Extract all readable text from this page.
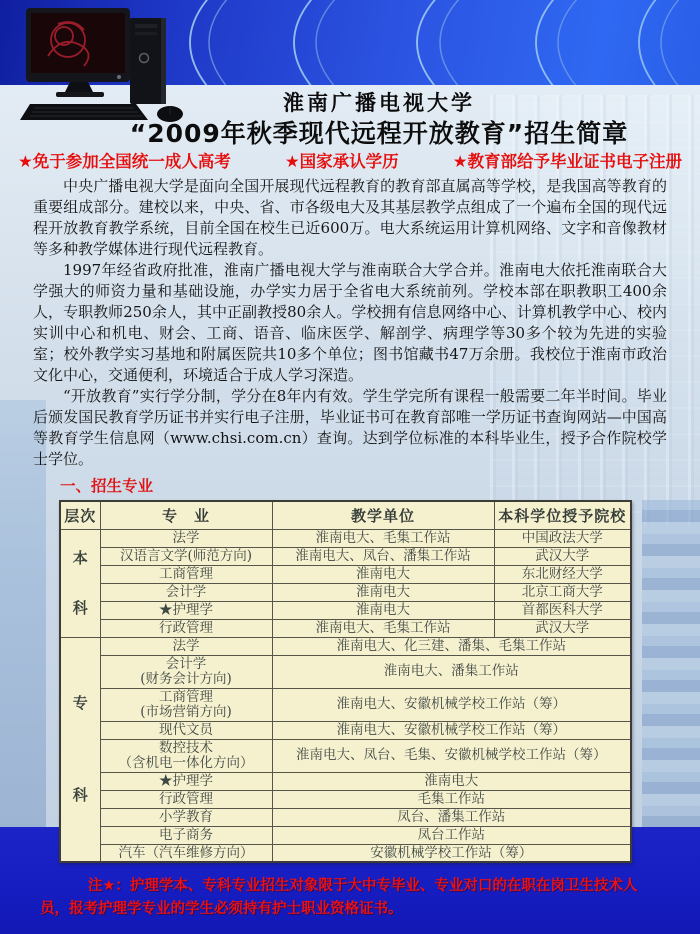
淮南广播电视大学
“2009年秋季现代远程开放教育”招生简章
★免于参加全国统一成人高考	★国家承认学历	★教育部给予毕业证书电子注册

中央广播电视大学是面向全国开展现代远程教育的教育部直属高等学校，是我国高等教育的重要组成部分。建校以来，中央、省、市各级电大及其基层教学点组成了一个遍布全国的现代远程开放教育教学系统，目前全国在校生已近600万。电大系统运用计算机网络、文字和音像教材等多种教学媒体进行现代远程教育。

1997年经省政府批准，淮南广播电视大学与淮南联合大学合并。淮南电大依托淮南联合大学强大的师资力量和基础设施，办学实力居于全省电大系统前列。学校本部在职教职工400余人，专职教师250余人，其中正副教授80余人。学校拥有信息网络中心、计算机教学中心、校内实训中心和机电、财会、工商、语音、临床医学、解剖学、病理学等30多个较为先进的实验室；校外教学实习基地和附属医院共10多个单位；图书馆藏书47万余册。我校位于淮南市政治文化中心，交通便利，环境适合于成人学习深造。

“开放教育”实行学分制，学分在8年内有效。学生学完所有课程一般需要二年半时间。毕业后颁发国民教育学历证书并实行电子注册，毕业证书可在教育部唯一学历证书查询网站—中国高等教育学生信息网（www.chsi.com.cn）查询。达到学位标准的本科毕业生，授予合作院校学士学位。

一、招生专业
层次	专　业	教学单位	本科学位授予院校
本
科	法学	淮南电大、毛集工作站	中国政法大学
	汉语言文学(师范方向)	淮南电大、凤台、潘集工作站	武汉大学
	工商管理	淮南电大	东北财经大学
	会计学	淮南电大	北京工商大学
	★护理学	淮南电大	首都医科大学
	行政管理	淮南电大、毛集工作站	武汉大学
专
科	法学	淮南电大、化三建、潘集、毛集工作站	
	会计学
(财务会计方向)	淮南电大、潘集工作站	
	工商管理
(市场营销方向)	淮南电大、安徽机械学校工作站（筹）	
	现代文员	淮南电大、安徽机械学校工作站（筹）	
	数控技术
（含机电一体化方向）	淮南电大、凤台、毛集、安徽机械学校工作站（筹）	
	★护理学	淮南电大	
	行政管理	毛集工作站	
	小学教育	凤台、潘集工作站	
	电子商务	凤台工作站	
	汽车（汽车维修方向）	安徽机械学校工作站（筹）	

注★：护理学本、专科专业招生对象限于大中专毕业、专业对口的在职在岗卫生技术人员，报考护理学专业的学生必须持有护士职业资格证书。
